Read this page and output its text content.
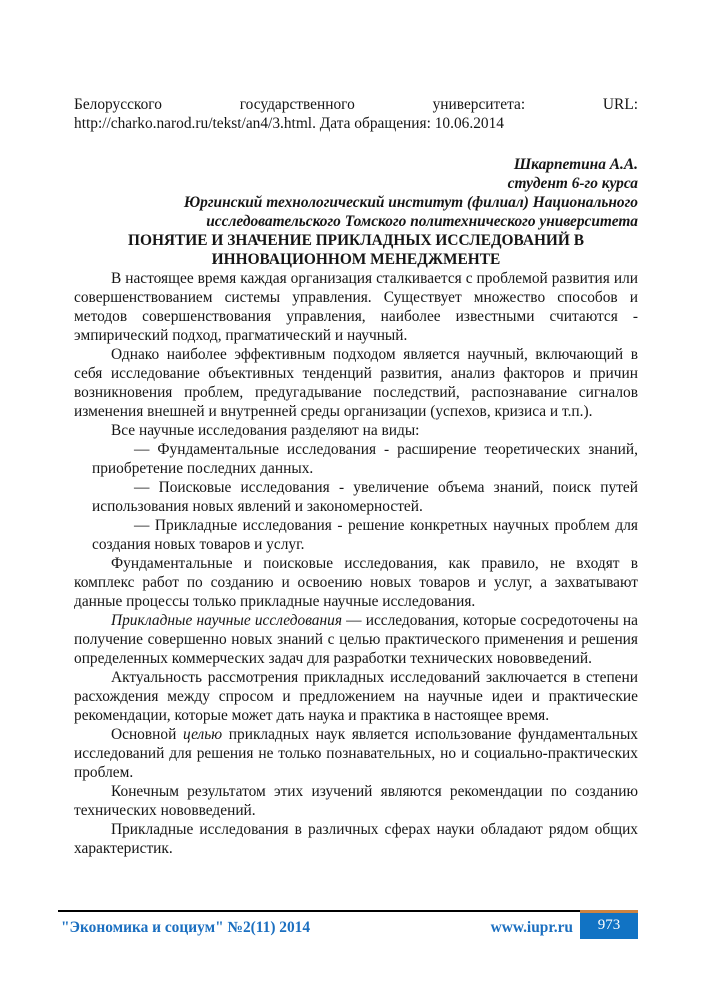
Белорусского государственного университета: URL: http://charko.narod.ru/tekst/an4/3.html. Дата обращения: 10.06.2014

Шкарпетина А.А.
студент 6-го курса
Юргинский технологический институт (филиал) Национального исследовательского Томского политехнического университета
ПОНЯТИЕ И ЗНАЧЕНИЕ ПРИКЛАДНЫХ ИССЛЕДОВАНИЙ В ИННОВАЦИОННОМ МЕНЕДЖМЕНТЕ
В настоящее время каждая организация сталкивается с проблемой развития или совершенствованием системы управления. Существует множество способов и методов совершенствования управления, наиболее известными считаются - эмпирический подход, прагматический и научный.
Однако наиболее эффективным подходом является научный, включающий в себя исследование объективных тенденций развития, анализ факторов и причин возникновения проблем, предугадывание последствий, распознавание сигналов изменения внешней и внутренней среды организации (успехов, кризиса и т.п.).
Все научные исследования разделяют на виды:
— Фундаментальные исследования - расширение теоретических знаний, приобретение последних данных.
— Поисковые исследования - увеличение объема знаний, поиск путей использования новых явлений и закономерностей.
— Прикладные исследования - решение конкретных научных проблем для создания новых товаров и услуг.
Фундаментальные и поисковые исследования, как правило, не входят в комплекс работ по созданию и освоению новых товаров и услуг, а захватывают данные процессы только прикладные научные исследования.
Прикладные научные исследования — исследования, которые сосредоточены на получение совершенно новых знаний с целью практического применения и решения определенных коммерческих задач для разработки технических нововведений.
Актуальность рассмотрения прикладных исследований заключается в степени расхождения между спросом и предложением на научные идеи и практические рекомендации, которые может дать наука и практика в настоящее время.
Основной целью прикладных наук является использование фундаментальных исследований для решения не только познавательных, но и социально-практических проблем.
Конечным результатом этих изучений являются рекомендации по созданию технических нововведений.
Прикладные исследования в различных сферах науки обладают рядом общих характеристик.
"Экономика и социум" №2(11) 2014	www.iupr.ru 973
